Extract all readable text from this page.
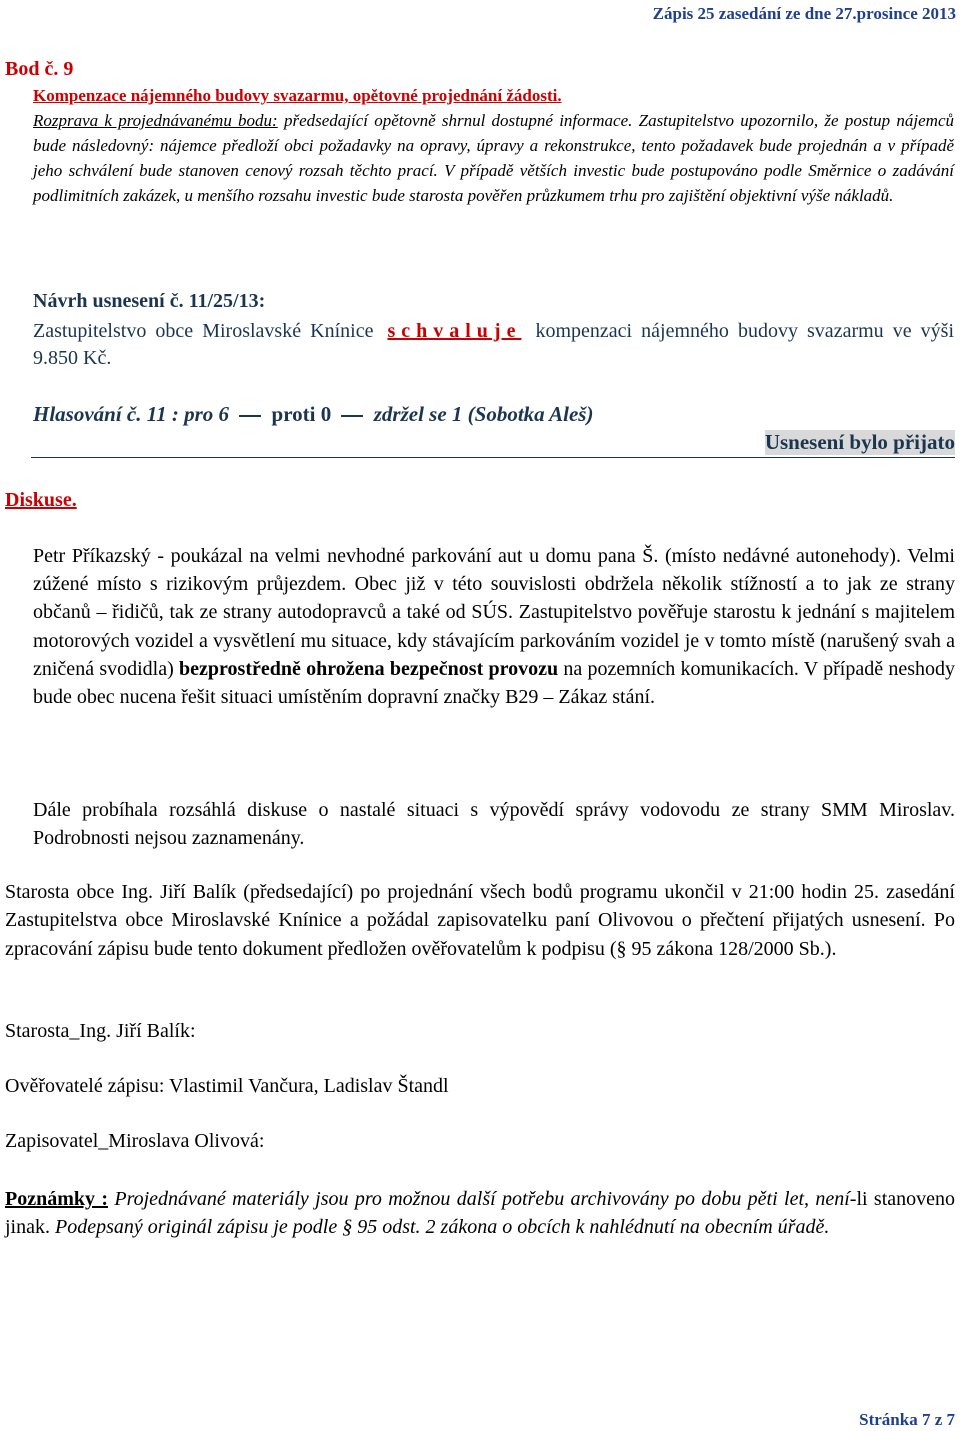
Zápis 25 zasedání ze dne 27.prosince 2013
Bod č. 9
Kompenzace nájemného budovy svazarmu, opětovné projednání žádosti.
Rozprava k projednávanému bodu: předsedající opětovně shrnul dostupné informace. Zastupitelstvo upozornilo, že postup nájemců bude následovný: nájemce předloží obci požadavky na opravy, úpravy a rekonstrukce, tento požadavek bude projednán a v případě jeho schválení bude stanoven cenový rozsah těchto prací. V případě větších investic bude postupováno podle Směrnice o zadávání podlimitních zakázek, u menšího rozsahu investic bude starosta pověřen průzkumem trhu pro zajištění objektivní výše nákladů.
Návrh usnesení č. 11/25/13:
Zastupitelstvo obce Miroslavské Knínice schvaluje kompenzaci nájemného budovy svazarmu ve výši 9.850 Kč.
Hlasování č. 11 : pro 6 proti 0 zdržel se 1 (Sobotka Aleš)
Usnesení bylo přijato
Diskuse.
Petr Příkazský - poukázal na velmi nevhodné parkování aut u domu pana Š. (místo nedávné autonehody). Velmi zúžené místo s rizikovým průjezdem. Obec již v této souvislosti obdržela několik stížností a to jak ze strany občanů – řidičů, tak ze strany autodopravců a také od SÚS. Zastupitelstvo pověřuje starostu k jednání s majitelem motorových vozidel a vysvětlení mu situace, kdy stávajícím parkováním vozidel je v tomto místě (narušený svah a zničená svodidla) bezprostředně ohrožena bezpečnost provozu na pozemních komunikacích. V případě neshody bude obec nucena řešit situaci umístěním dopravní značky B29 – Zákaz stání.
Dále probíhala rozsáhlá diskuse o nastalé situaci s výpovědí správy vodovodu ze strany SMM Miroslav. Podrobnosti nejsou zaznamenány.
Starosta obce Ing. Jiří Balík (předsedající) po projednání všech bodů programu ukončil v 21:00 hodin 25. zasedání Zastupitelstva obce Miroslavské Knínice a požádal zapisovatelku paní Olivovou o přečtení přijatých usnesení. Po zpracování zápisu bude tento dokument předložen ověřovatelům k podpisu (§ 95 zákona 128/2000 Sb.).
Starosta_Ing. Jiří Balík:
Ověřovatelé zápisu: Vlastimil Vančura, Ladislav Štandl
Zapisovatel_Miroslava Olivová:
Poznámky : Projednávané materiály jsou pro možnou další potřebu archivovány po dobu pěti let, není-li stanoveno jinak. Podepsaný originál zápisu je podle § 95 odst. 2 zákona o obcích k nahlédnutí na obecním úřadě.
Stránka 7 z 7
